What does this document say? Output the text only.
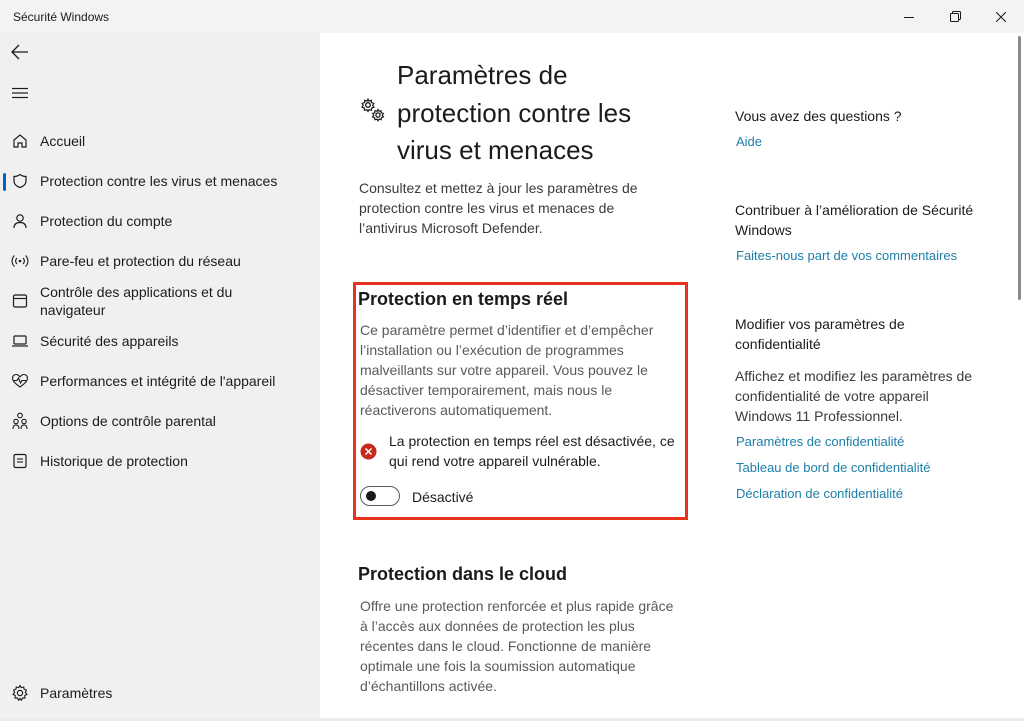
Sécurité Windows
Accueil
Protection contre les virus et menaces
Protection du compte
Pare-feu et protection du réseau
Contrôle des applications et du navigateur
Sécurité des appareils
Performances et intégrité de l'appareil
Options de contrôle parental
Historique de protection
Paramètres
Paramètres de protection contre les virus et menaces

Consultez et mettez à jour les paramètres de protection contre les virus et menaces de l’antivirus Microsoft Defender.

Protection en temps réel

Ce paramètre permet d’identifier et d’empêcher l’installation ou l’exécution de programmes malveillants sur votre appareil. Vous pouvez le désactiver temporairement, mais nous le réactiverons automatiquement.

La protection en temps réel est désactivée, ce qui rend votre appareil vulnérable.

Désactivé
Protection dans le cloud

Offre une protection renforcée et plus rapide grâce à l’accès aux données de protection les plus récentes dans le cloud. Fonctionne de manière optimale une fois la soumission automatique d’échantillons activée.

Vous avez des questions ?
Aide
Contribuer à l’amélioration de Sécurité Windows
Faites-nous part de vos commentaires
Modifier vos paramètres de confidentialité

Affichez et modifiez les paramètres de confidentialité de votre appareil Windows 11 Professionnel.

Paramètres de confidentialité
Tableau de bord de confidentialité
Déclaration de confidentialité
